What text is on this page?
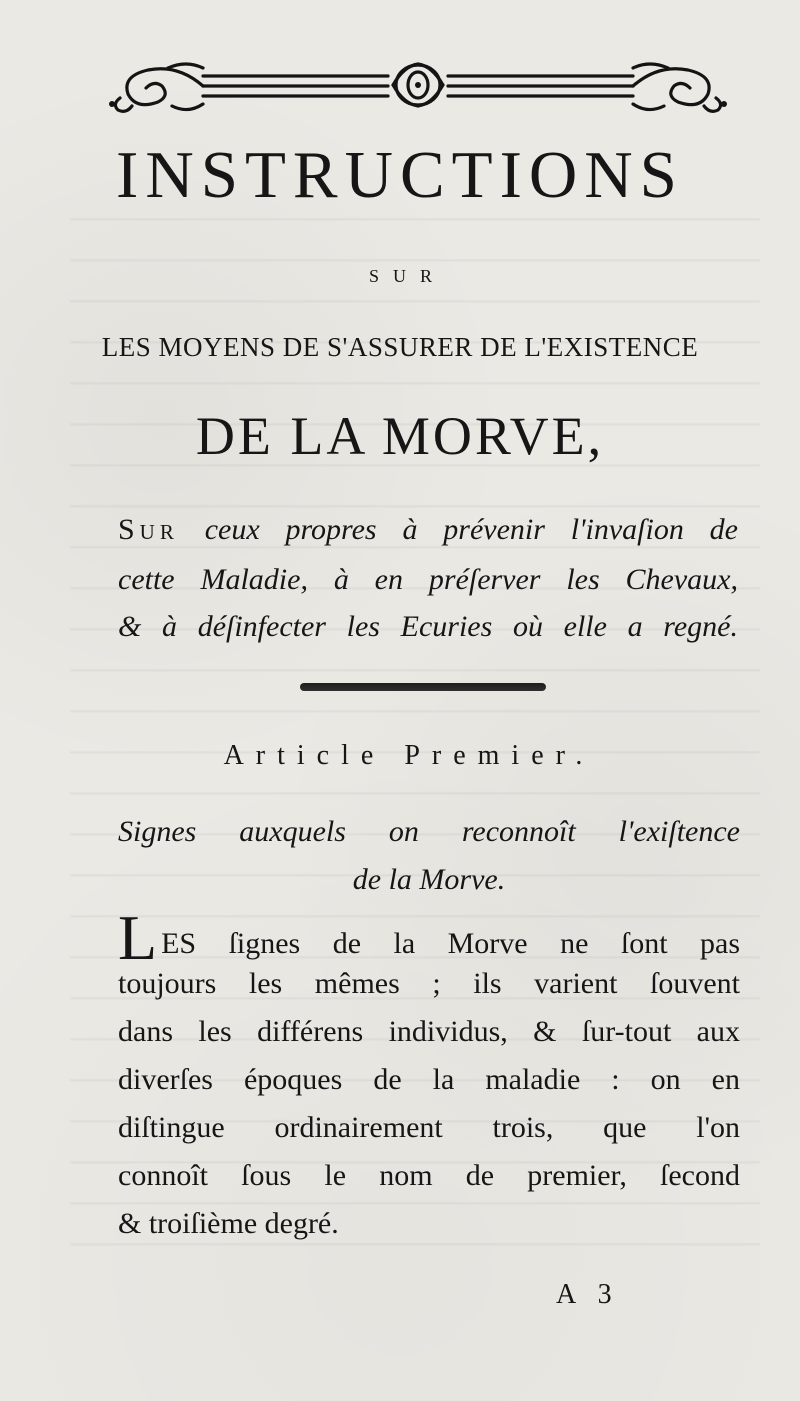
INSTRUCTIONS
SUR
LES MOYENS DE S'ASSURER DE L'EXISTENCE
DE LA MORVE,
Sur ceux propres à prévenir l'invaſion de
cette Maladie, à en préſerver les Chevaux,
& à déſinfecter les Ecuries où elle a regné.
Article Premier.
Signes auxquels on reconnoît l'exiſtence
de la Morve.
LES ſignes de la Morve ne ſont pas
toujours les mêmes ; ils varient ſouvent
dans les différens individus, & ſur-tout aux
diverſes époques de la maladie : on en
diſtingue ordinairement trois, que l'on
connoît ſous le nom de premier, ſecond
& troiſième degré.
A 3
